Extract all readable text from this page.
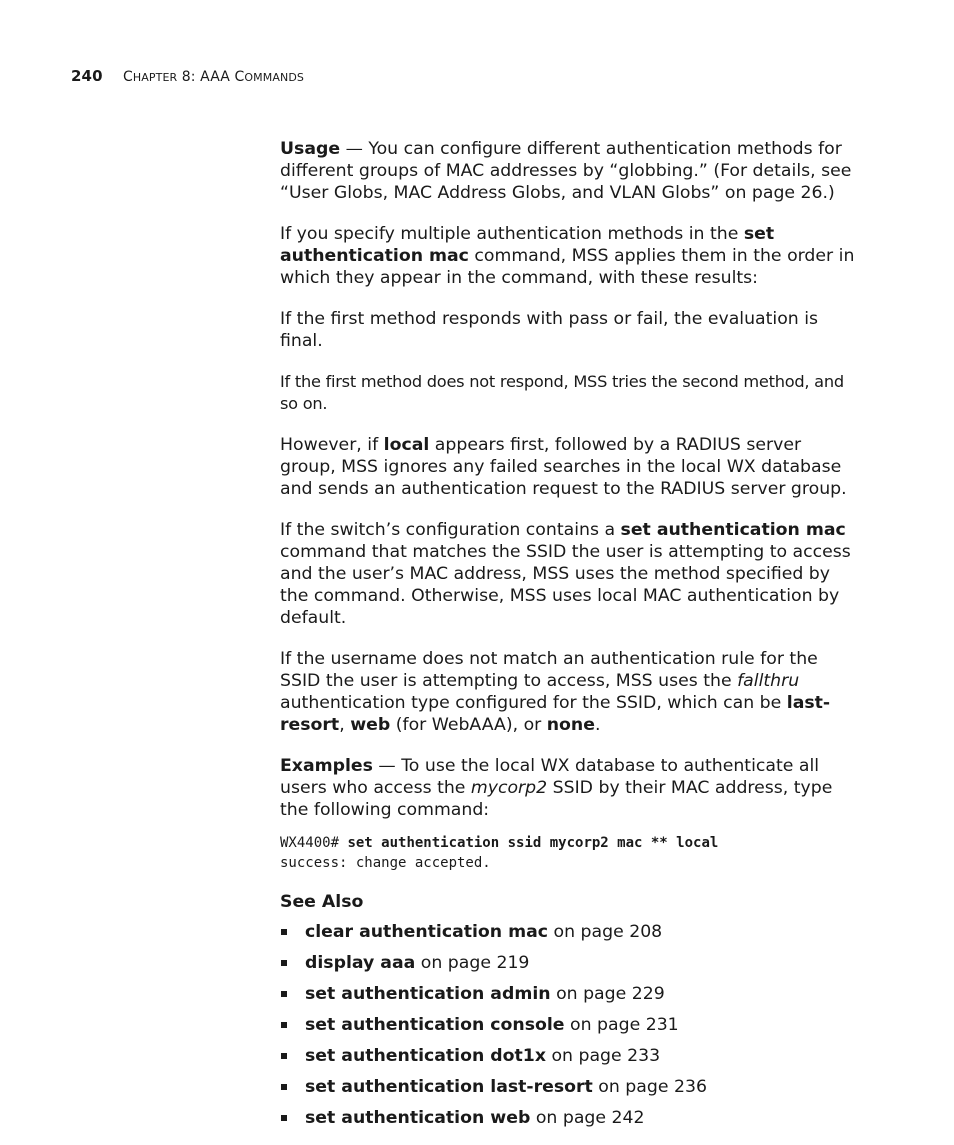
240 CHAPTER 8: AAA COMMANDS

Usage — You can configure different authentication methods for different groups of MAC addresses by “globbing.” (For details, see “User Globs, MAC Address Globs, and VLAN Globs” on page 26.)

If you specify multiple authentication methods in the set authentication mac command, MSS applies them in the order in which they appear in the command, with these results:

If the first method responds with pass or fail, the evaluation is final.

If the first method does not respond, MSS tries the second method, and so on.

However, if local appears first, followed by a RADIUS server group, MSS ignores any failed searches in the local WX database and sends an authentication request to the RADIUS server group.

If the switch’s configuration contains a set authentication mac command that matches the SSID the user is attempting to access and the user’s MAC address, MSS uses the method specified by the command. Otherwise, MSS uses local MAC authentication by default.

If the username does not match an authentication rule for the SSID the user is attempting to access, MSS uses the fallthru authentication type configured for the SSID, which can be last-resort, web (for WebAAA), or none.

Examples — To use the local WX database to authenticate all users who access the mycorp2 SSID by their MAC address, type the following command:

WX4400# set authentication ssid mycorp2 mac ** local
success: change accepted.
See Also
clear authentication mac on page 208
display aaa on page 219
set authentication admin on page 229
set authentication console on page 231
set authentication dot1x on page 233
set authentication last-resort on page 236
set authentication web on page 242
